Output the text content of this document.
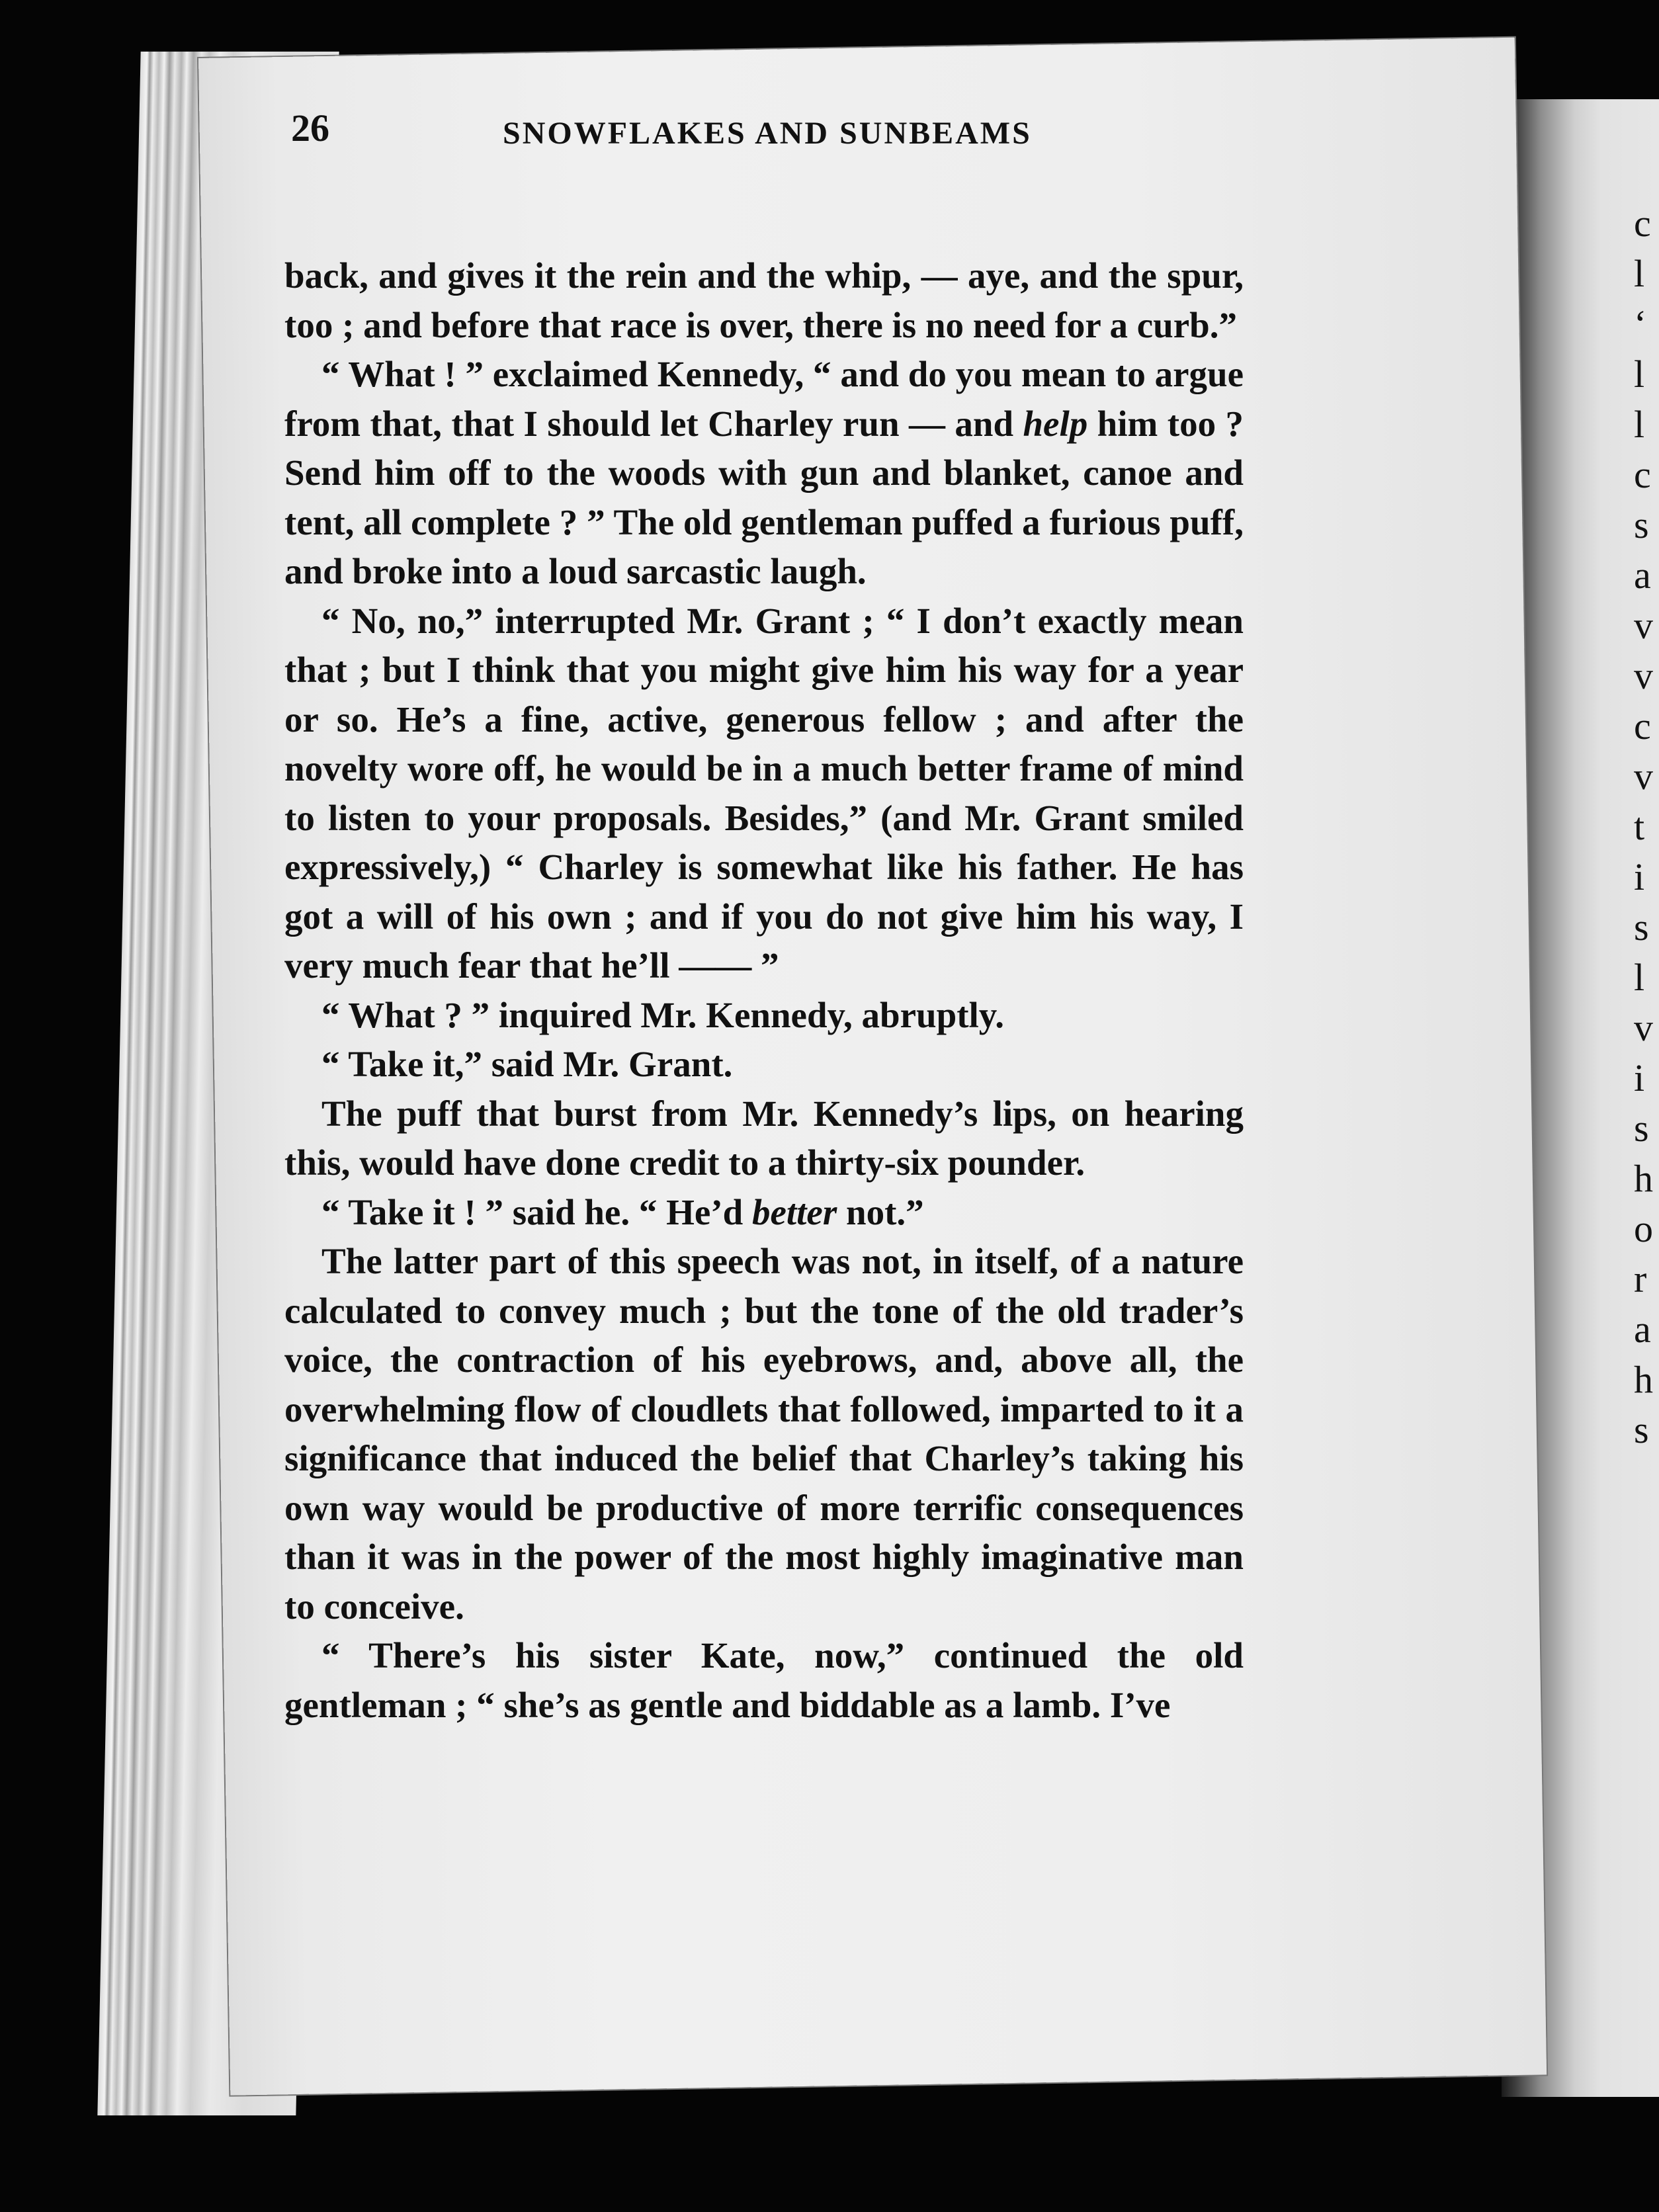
c
l
‘
l
l
c
s
a
v
v
c
v
t
i
s
l
v
i
s
h
o
r
a
h
s
26	SNOWFLAKES AND SUNBEAMS

back, and gives it the rein and the whip, — aye, and the spur, too ; and before that race is over, there is no need for a curb.”

“ What ! ” exclaimed Kennedy, “ and do you mean to argue from that, that I should let Charley run — and help him too ? Send him off to the woods with gun and blanket, canoe and tent, all complete ? ” The old gentleman puffed a furious puff, and broke into a loud sarcastic laugh.

“ No, no,” interrupted Mr. Grant ; “ I don’t exactly mean that ; but I think that you might give him his way for a year or so. He’s a fine, active, generous fellow ; and after the novelty wore off, he would be in a much better frame of mind to listen to your proposals. Besides,” (and Mr. Grant smiled expressively,) “ Charley is somewhat like his father. He has got a will of his own ; and if you do not give him his way, I very much fear that he’ll —— ”

“ What ? ” inquired Mr. Kennedy, abruptly.

“ Take it,” said Mr. Grant.

The puff that burst from Mr. Kennedy’s lips, on hearing this, would have done credit to a thirty-six pounder.

“ Take it ! ” said he. “ He’d better not.”

The latter part of this speech was not, in itself, of a nature calculated to convey much ; but the tone of the old trader’s voice, the contraction of his eyebrows, and, above all, the overwhelming flow of cloudlets that followed, imparted to it a significance that induced the belief that Charley’s taking his own way would be productive of more terrific consequences than it was in the power of the most highly imaginative man to conceive.

“ There’s his sister Kate, now,” continued the old gentleman ; “ she’s as gentle and biddable as a lamb. I’ve
